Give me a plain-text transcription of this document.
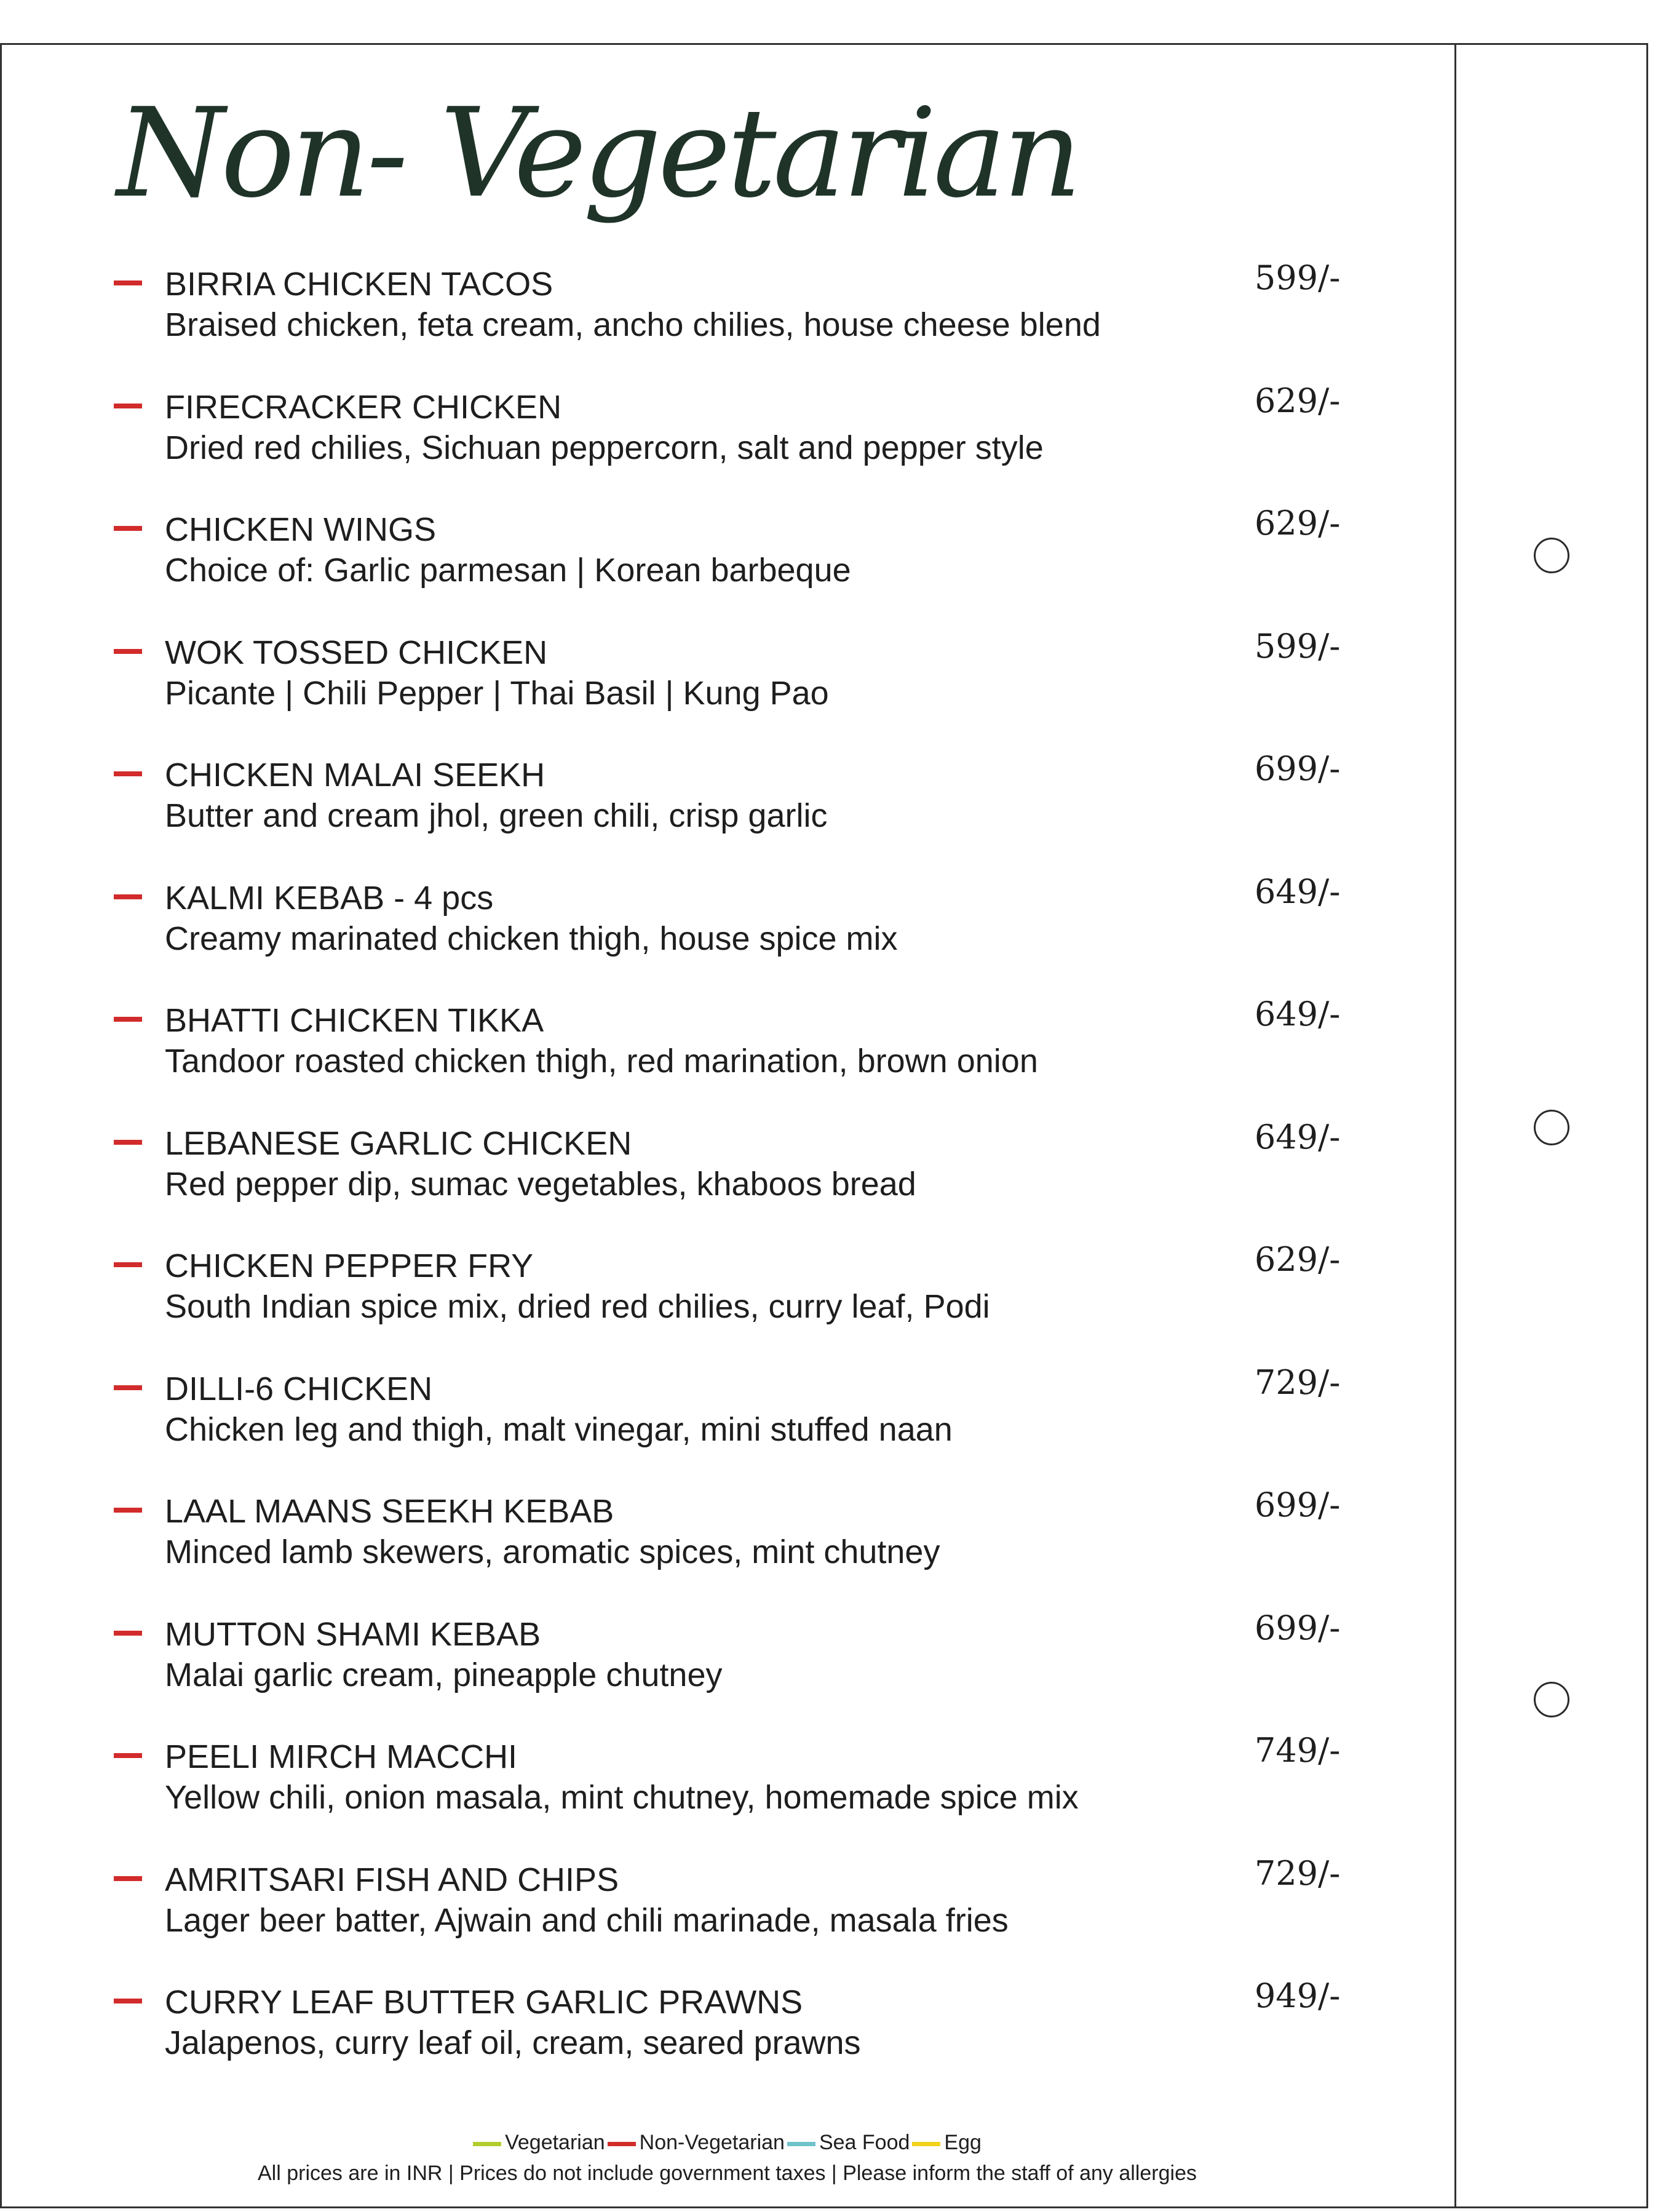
Non- Vegetarian
BIRRIA CHICKEN TACOS
Braised chicken, feta cream, ancho chilies, house cheese blend
599/-
FIRECRACKER CHICKEN
Dried red chilies, Sichuan peppercorn, salt and pepper style
629/-
CHICKEN WINGS
Choice of: Garlic parmesan | Korean barbeque
629/-
WOK TOSSED CHICKEN
Picante | Chili Pepper | Thai Basil | Kung Pao
599/-
CHICKEN MALAI SEEKH
Butter and cream jhol, green chili, crisp garlic
699/-
KALMI KEBAB - 4 pcs
Creamy marinated chicken thigh, house spice mix
649/-
BHATTI CHICKEN TIKKA
Tandoor roasted chicken thigh, red marination, brown onion
649/-
LEBANESE GARLIC CHICKEN
Red pepper dip, sumac vegetables, khaboos bread
649/-
CHICKEN PEPPER FRY
South Indian spice mix, dried red chilies, curry leaf, Podi
629/-
DILLI-6 CHICKEN
Chicken leg and thigh, malt vinegar, mini stuffed naan
729/-
LAAL MAANS SEEKH KEBAB
Minced lamb skewers, aromatic spices, mint chutney
699/-
MUTTON SHAMI KEBAB
Malai garlic cream, pineapple chutney
699/-
PEELI MIRCH MACCHI
Yellow chili, onion masala, mint chutney, homemade spice mix
749/-
AMRITSARI FISH AND CHIPS
Lager beer batter, Ajwain and chili marinade, masala fries
729/-
CURRY LEAF BUTTER GARLIC PRAWNS
Jalapenos, curry leaf oil, cream, seared prawns
949/-
Vegetarian Non-Vegetarian Sea Food Egg
All prices are in INR | Prices do not include government taxes | Please inform the staff of any allergies
